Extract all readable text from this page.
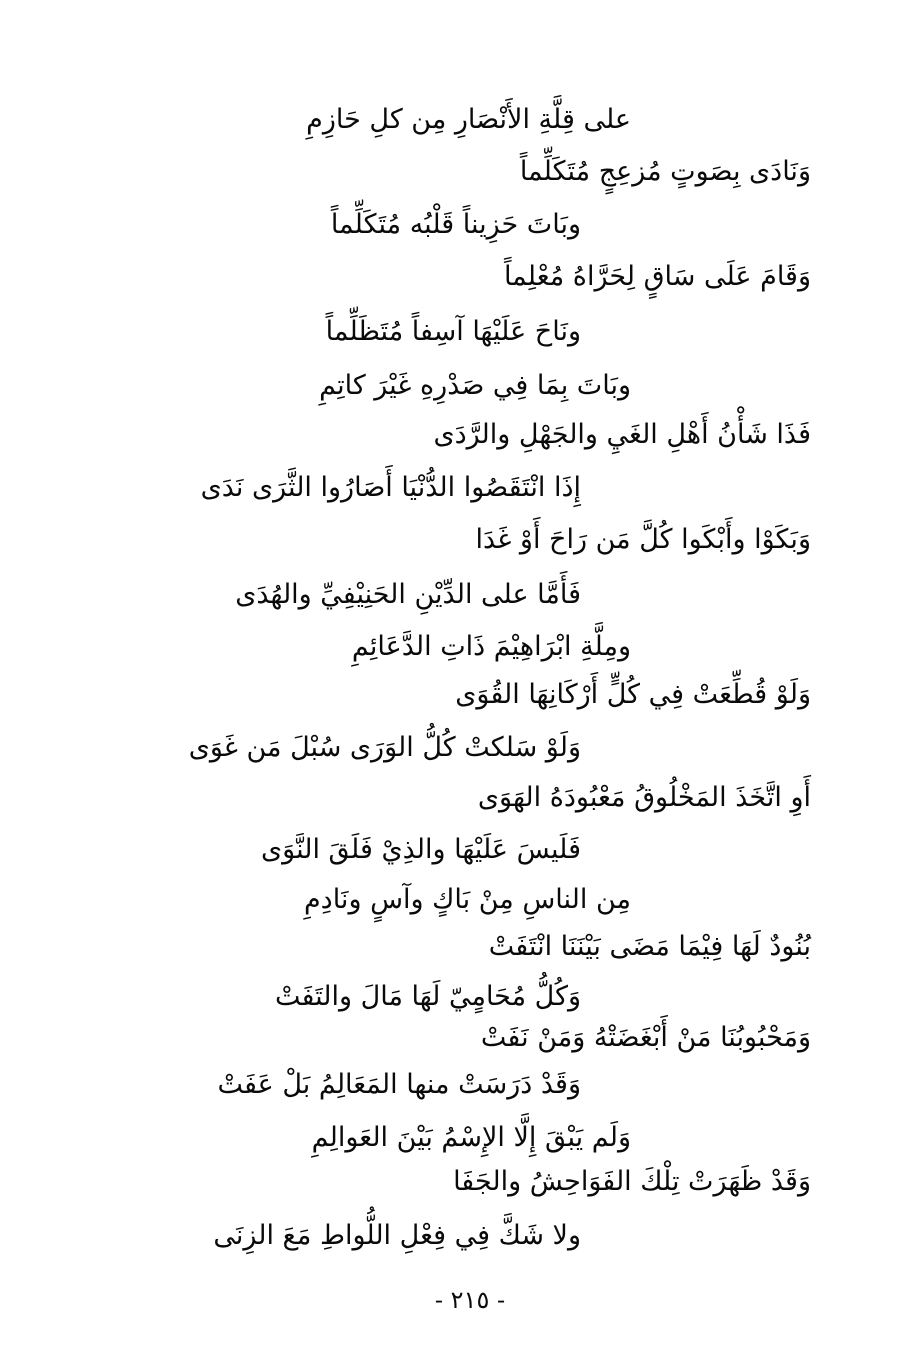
على قِلَّةِ الأَنْصَارِ مِن كلِ حَازِمِ
وَنَادَى بِصَوتٍ مُزعِجٍ مُتَكَلِّماً
وبَاتَ حَزِيناً قَلْبُه مُتَكَلِّماً
وَقَامَ عَلَى سَاقٍ لِحَرَّاهُ مُعْلِماً
ونَاحَ عَلَيْهَا آسِفاً مُتَظَلِّماً
وبَاتَ بِمَا فِي صَدْرِهِ غَيْرَ كاتِمِ
فَذَا شَأْنُ أَهْلِ الغَيِ والجَهْلِ والرَّدَى
إِذَا انْتَقَصُوا الدُّنْيَا أَصَارُوا الثَّرَى نَدَى
وَبَكَوْا وأَبْكَوا كُلَّ مَن رَاحَ أَوْ غَدَا
فَأَمَّا على الدِّيْنِ الحَنِيْفِيِّ والهُدَى
ومِلَّةِ ابْرَاهِيْمَ ذَاتِ الدَّعَائِمِ
وَلَوْ قُطِّعَتْ فِي كُلٍّ أَرْكَانِهَا القُوَى
وَلَوْ سَلكتْ كُلُّ الوَرَى سُبْلَ مَن غَوَى
أَوِ اتَّخَذَ المَخْلُوقُ مَعْبُودَهُ الهَوَى
فَلَيسَ عَلَيْهَا والذِيْ فَلَقَ النَّوَى
مِن الناسِ مِنْ بَاكٍ وآسٍ ونَادِمِ
بُنُودٌ لَهَا فِيْمَا مَضَى بَيْنَنَا انْتَفَتْ
وَكُلُّ مُحَامٍيّ لَهَا مَالَ والتَفَتْ
وَمَحْبُوبُنَا مَنْ أَبْغَضَتْهُ وَمَنْ نَفَتْ
وَقَدْ دَرَسَتْ منها المَعَالِمُ بَلْ عَفَتْ
وَلَم يَبْقَ إِلَّا الإِسْمُ بَيْنَ العَوالِمِ
وَقَدْ ظَهَرَتْ تِلْكَ الفَوَاحِشُ والجَفَا
ولا شَكَّ فِي فِعْلِ اللُّواطِ مَعَ الزِنَى
- ٢١٥ -
